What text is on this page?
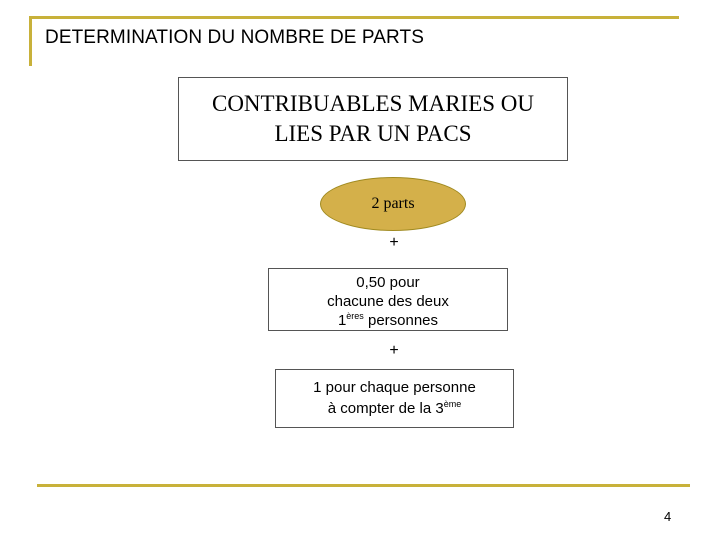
DETERMINATION DU NOMBRE DE PARTS
CONTRIBUABLES MARIES OU
LIES PAR UN PACS
2 parts
+
0,50 pour
chacune des deux
1ères personnes
+
1 pour chaque personne
à compter de la 3ème
4
